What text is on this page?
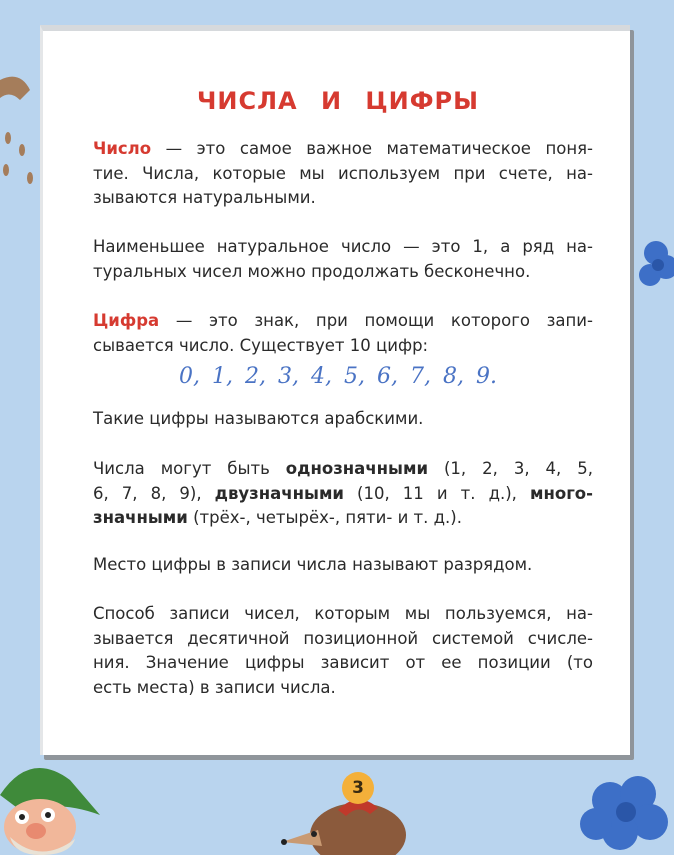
ЧИСЛА И ЦИФРЫ

Число — это самое важное математическое поня-
тие. Числа, которые мы используем при счете, на-
зываются натуральными.

Наименьшее натуральное число — это 1, а ряд на-
туральных чисел можно продолжать бесконечно.

Цифра — это знак, при помощи которого запи-
сывается число. Существует 10 цифр:

0, 1, 2, 3, 4, 5, 6, 7, 8, 9.

Такие цифры называются арабскими.

Числа могут быть однозначными (1, 2, 3, 4, 5,
6, 7, 8, 9), двузначными (10, 11 и т. д.), много-
значными (трёх-, четырёх-, пяти- и т. д.).

Место цифры в записи числа называют разрядом.

Способ записи чисел, которым мы пользуемся, на-
зывается десятичной позиционной системой счисле-
ния. Значение цифры зависит от ее позиции (то
есть места) в записи числа.

3
